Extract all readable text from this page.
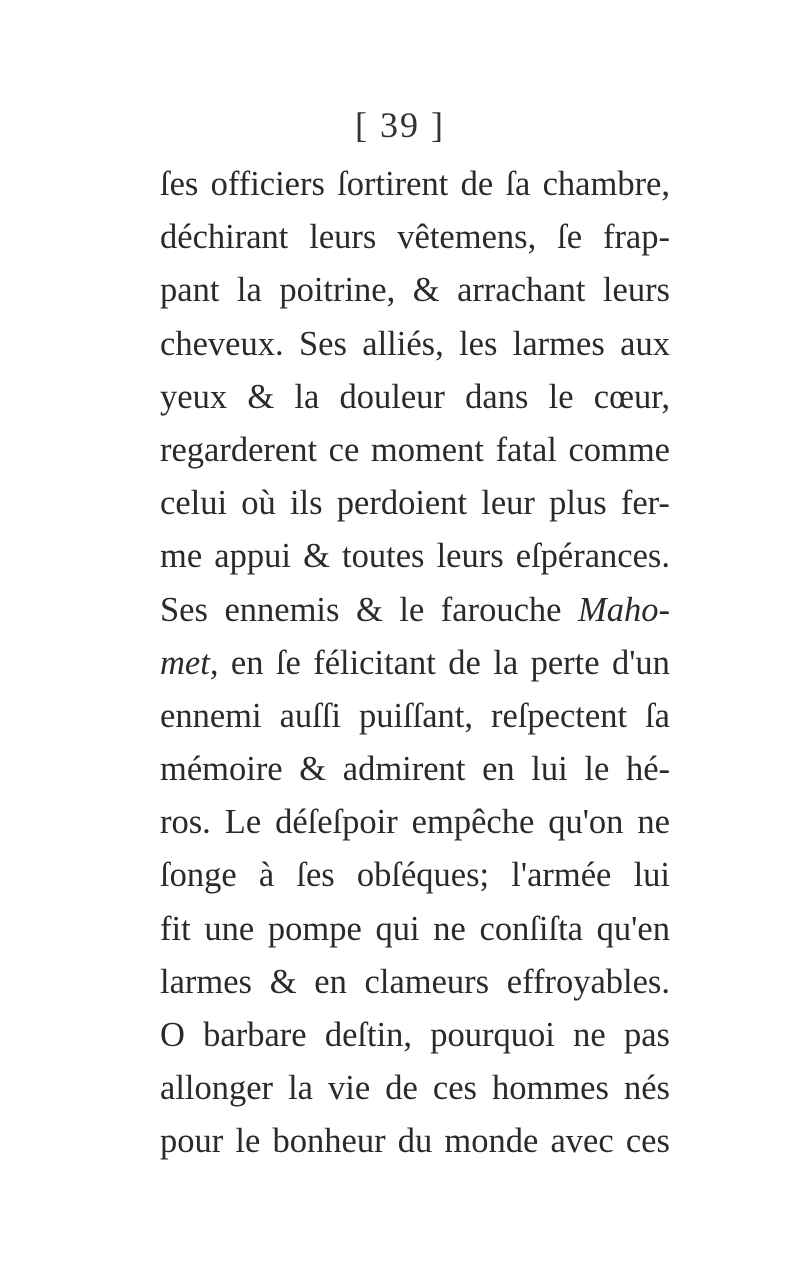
[ 39 ]
ſes officiers ſortirent de ſa chambre,
déchirant leurs vêtemens, ſe frap-
pant la poitrine, & arrachant leurs
cheveux. Ses alliés, les larmes aux
yeux & la douleur dans le cœur,
regarderent ce moment fatal comme
celui où ils perdoient leur plus fer-
me appui & toutes leurs eſpérances.
Ses ennemis & le farouche Maho-
met, en ſe félicitant de la perte d'un
ennemi auſſi puiſſant, reſpectent ſa
mémoire & admirent en lui le hé-
ros. Le déſeſpoir empêche qu'on ne
ſonge à ſes obſéques; l'armée lui
fit une pompe qui ne conſiſta qu'en
larmes & en clameurs effroyables.
O barbare deſtin, pourquoi ne pas
allonger la vie de ces hommes nés
pour le bonheur du monde avec ces
